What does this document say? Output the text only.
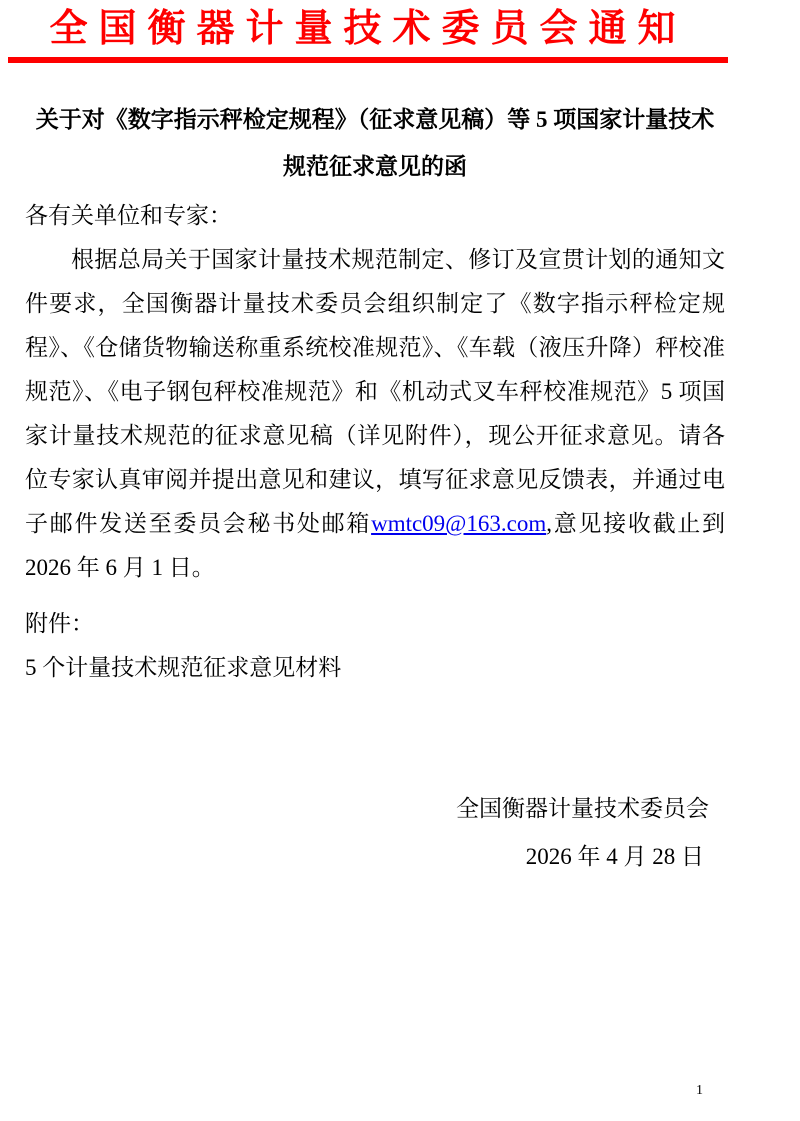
全国衡器计量技术委员会通知
关于对《数字指示秤检定规程》（征求意见稿）等 5 项国家计量技术规范征求意见的函

各有关单位和专家：

根据总局关于国家计量技术规范制定、修订及宣贯计划的通知文件要求，全国衡器计量技术委员会组织制定了《数字指示秤检定规程》、《仓储货物输送称重系统校准规范》、《车载（液压升降）秤校准规范》、《电子钢包秤校准规范》和《机动式叉车秤校准规范》5 项国家计量技术规范的征求意见稿（详见附件），现公开征求意见。请各位专家认真审阅并提出意见和建议，填写征求意见反馈表，并通过电子邮件发送至委员会秘书处邮箱wmtc09@163.com,意见接收截止到 2026 年 6 月 1 日。

附件：

5 个计量技术规范征求意见材料

全国衡器计量技术委员会

2026 年 4 月 28 日

1
